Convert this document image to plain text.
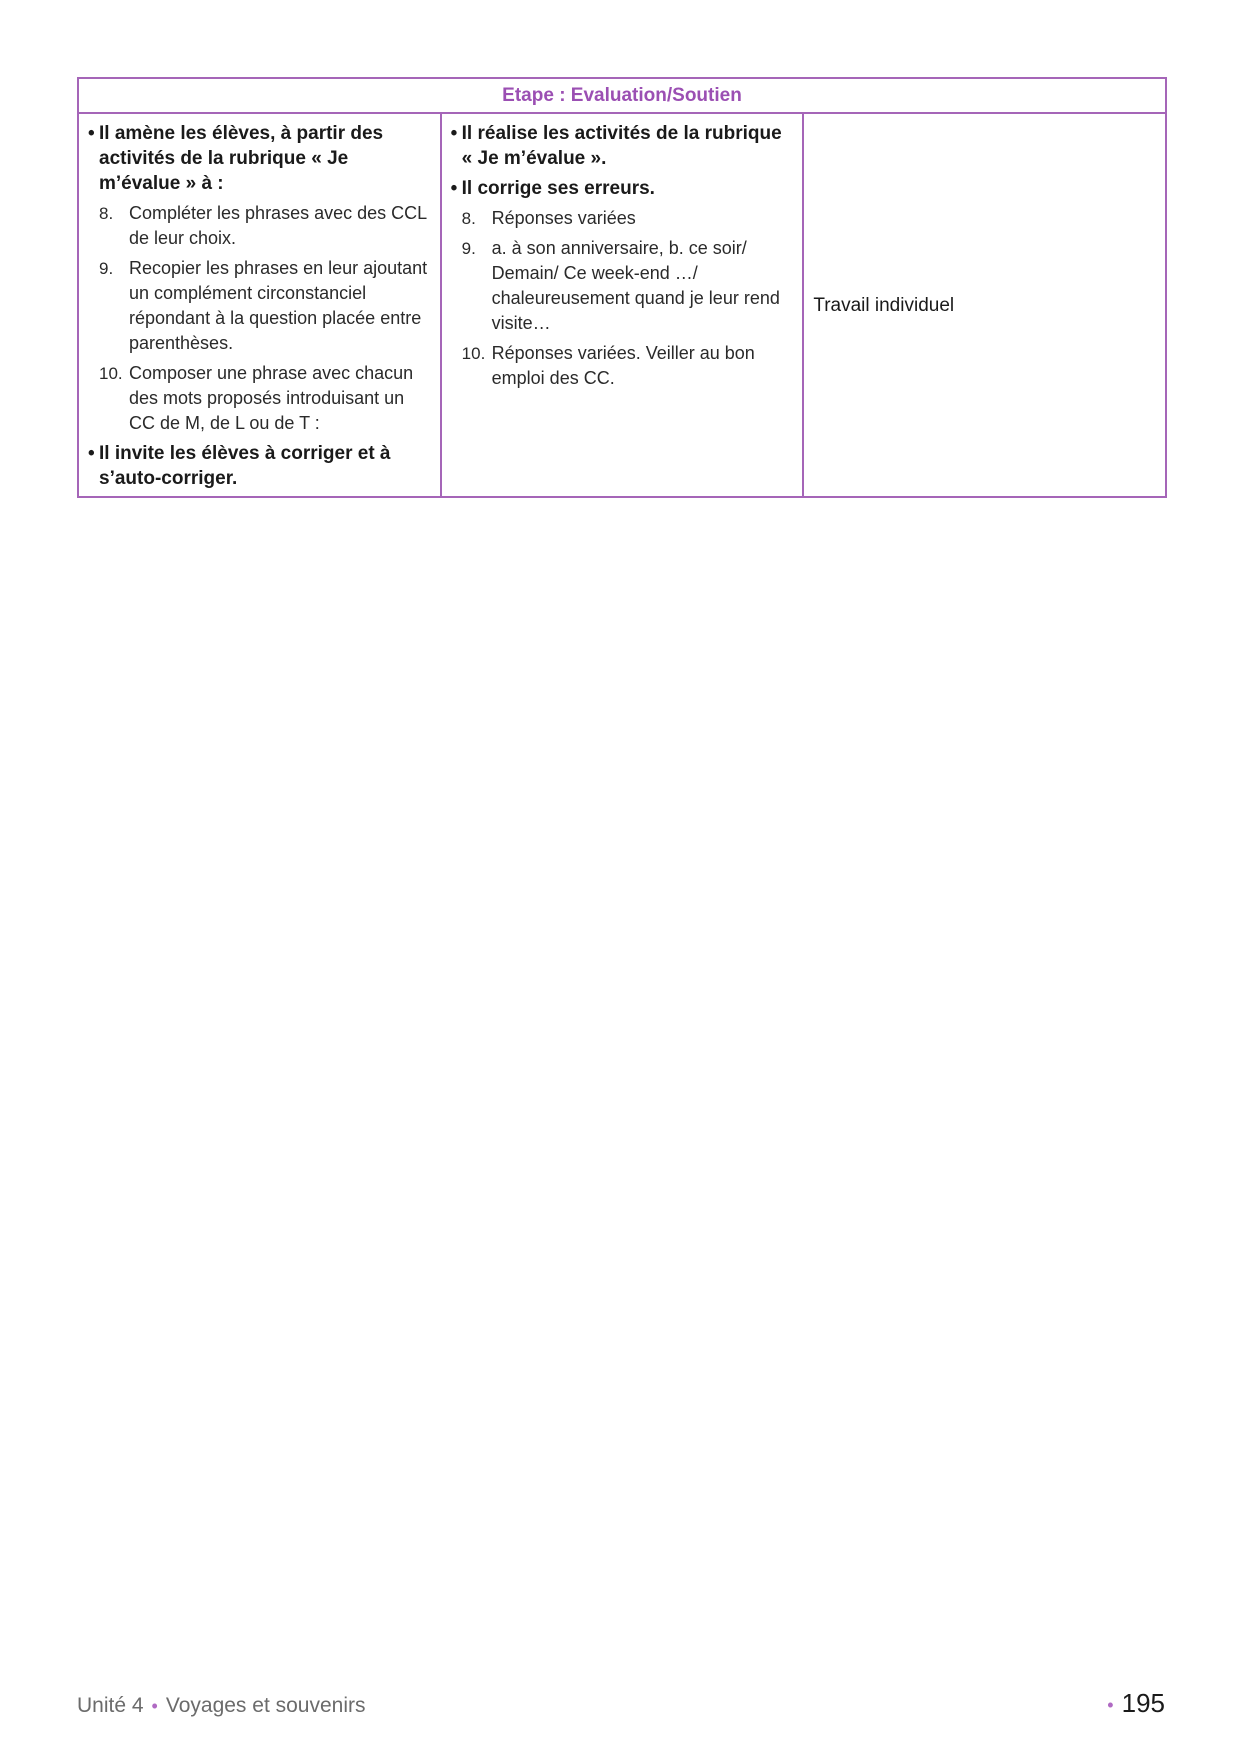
Etape : Evaluation/Soutien

• Il amène les élèves, à partir des activités de la rubrique « Je m’évalue » à :
8. Compléter les phrases avec des CCL de leur choix.
9. Recopier les phrases en leur ajoutant un complément circonstanciel répondant à la question placée entre parenthèses.
10. Composer une phrase avec chacun des mots proposés introduisant un CC de M, de L ou de T :
• Il invite les élèves à corriger et à s’auto-corriger.

• Il réalise les activités de la rubrique « Je m’évalue ».
• Il corrige ses erreurs.
8. Réponses variées
9. a. à son anniversaire, b. ce soir/ Demain/ Ce week-end …/ chaleureusement quand je leur rend visite…
10. Réponses variées. Veiller au bon emploi des CC.

Travail individuel
Unité 4 • Voyages et souvenirs	• 195
